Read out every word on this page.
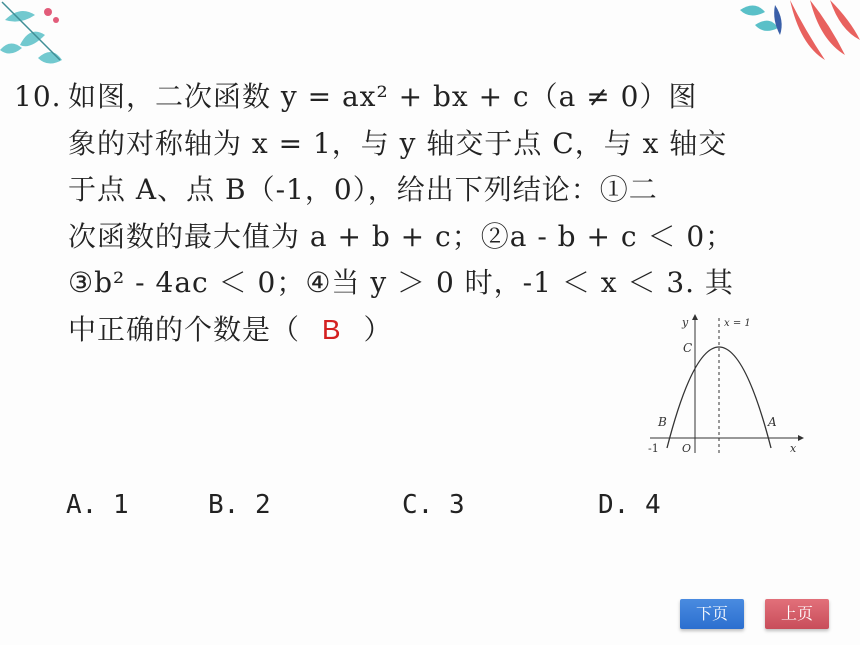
10. 如图，二次函数 y = ax² + bx + c（a ≠ 0）图
象的对称轴为 x = 1，与 y 轴交于点 C，与 x 轴交
于点 A、点 B（-1，0），给出下列结论：①二
次函数的最大值为 a + b + c；②a - b + c ＜ 0；
③b² - 4ac ＜ 0；④当 y ＞ 0 时，-1 ＜ x ＜ 3. 其
中正确的个数是（ B ）	y
x
x = 1
C
B	A
-1 O
A. 1	B. 2	C. 3	D. 4
下页	上页
